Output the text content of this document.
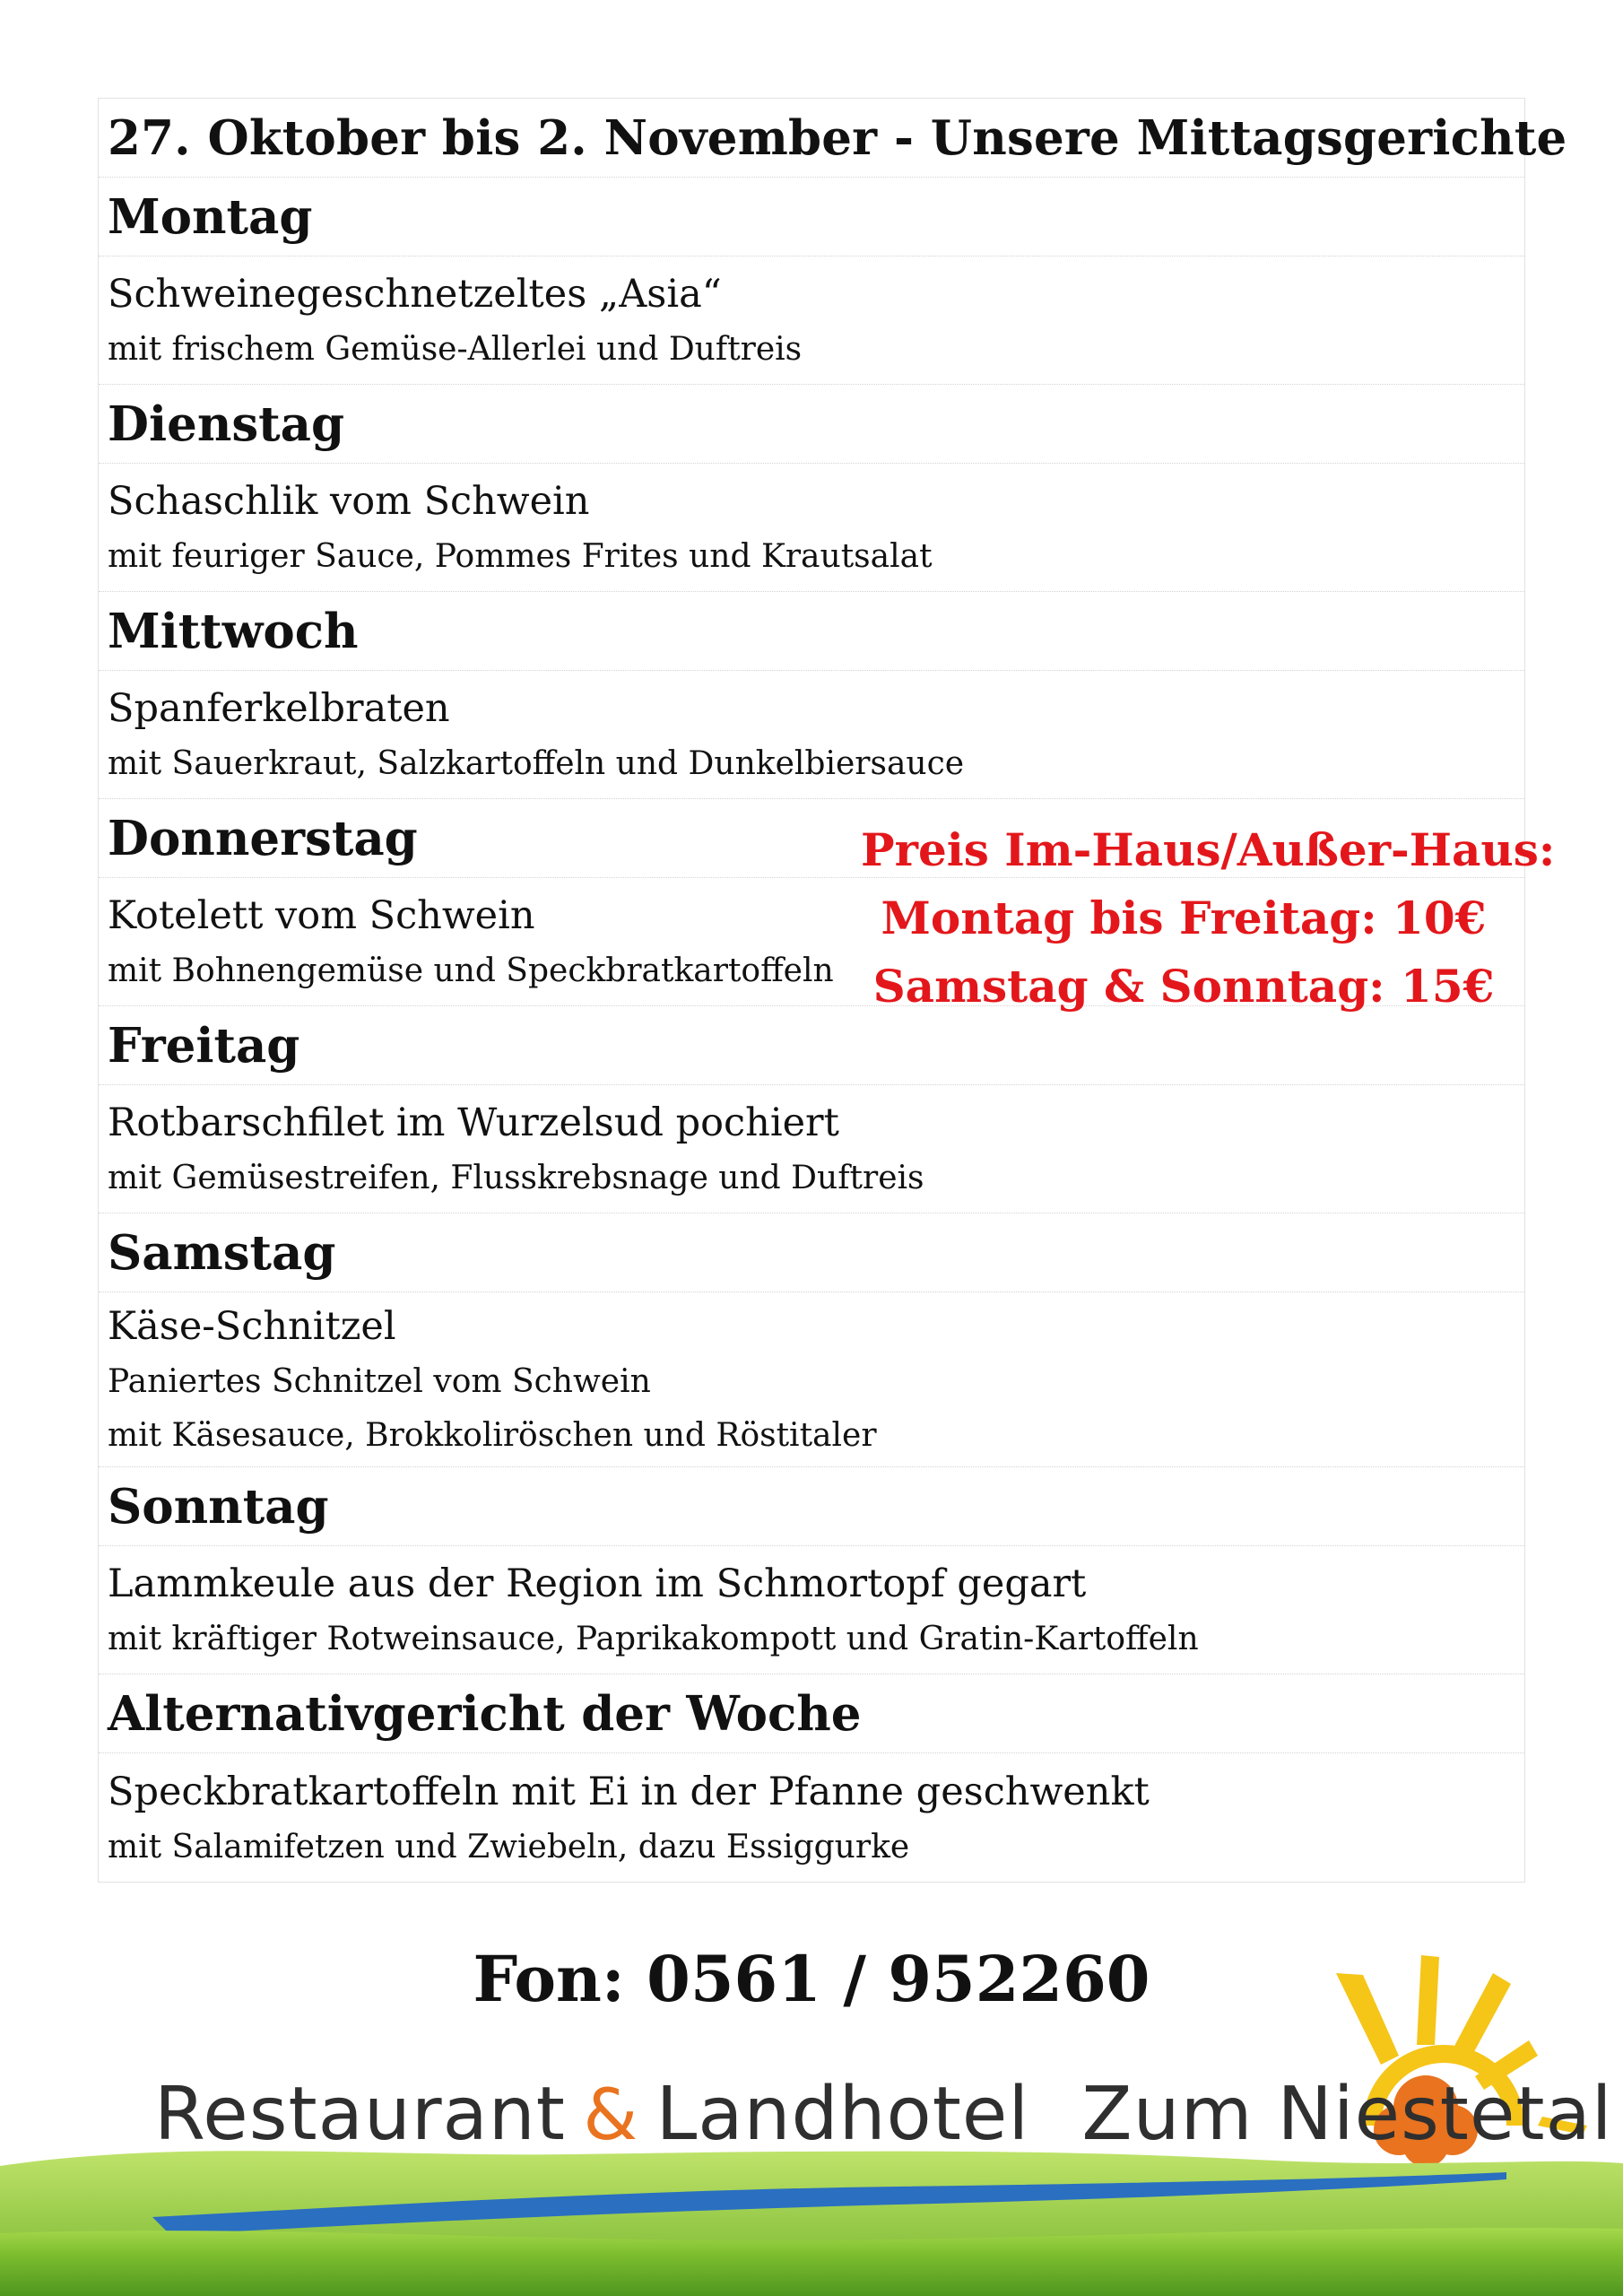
27. Oktober bis 2. November - Unsere Mittagsgerichte
Montag
Schweinegeschnetzeltes „Asia“
mit frischem Gemüse-Allerlei und Duftreis
Dienstag
Schaschlik vom Schwein
mit feuriger Sauce, Pommes Frites und Krautsalat
Mittwoch
Spanferkelbraten
mit Sauerkraut, Salzkartoffeln und Dunkelbiersauce
Donnerstag
Kotelett vom Schwein
mit Bohnengemüse und Speckbratkartoffeln
Freitag
Rotbarschfilet im Wurzelsud pochiert
mit Gemüsestreifen, Flusskrebsnage und Duftreis
Samstag
Käse-Schnitzel
Paniertes Schnitzel vom Schwein
mit Käsesauce, Brokkoliröschen und Röstitaler
Sonntag
Lammkeule aus der Region im Schmortopf gegart
mit kräftiger Rotweinsauce, Paprikakompott und Gratin-Kartoffeln
Alternativgericht der Woche
Speckbratkartoffeln mit Ei in der Pfanne geschwenkt
mit Salamifetzen und Zwiebeln, dazu Essiggurke
Preis Im-Haus/Außer-Haus:
Montag bis Freitag: 10€
Samstag & Sonntag: 15€
Fon: 0561 / 952260
Restaurant & Landhotel Zum Niestetal
